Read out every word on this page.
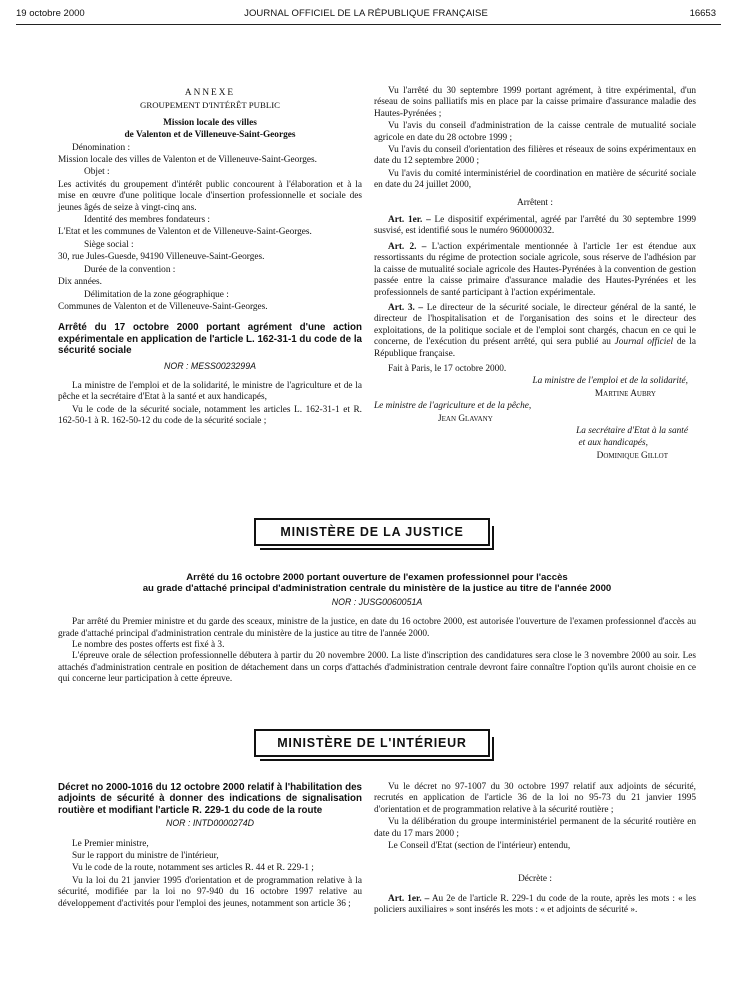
19 octobre 2000	JOURNAL OFFICIEL DE LA RÉPUBLIQUE FRANÇAISE	16653

ANNEXE

GROUPEMENT D'INTÉRÊT PUBLIC

Mission locale des villes

de Valenton et de Villeneuve-Saint-Georges

Dénomination :

Mission locale des villes de Valenton et de Villeneuve-Saint-Georges.

Objet :

Les activités du groupement d'intérêt public concourent à l'élaboration et à la mise en œuvre d'une politique locale d'insertion professionnelle et sociale des jeunes âgés de seize à vingt-cinq ans.

Identité des membres fondateurs :

L'Etat et les communes de Valenton et de Villeneuve-Saint-Georges.

Siège social :

30, rue Jules-Guesde, 94190 Villeneuve-Saint-Georges.

Durée de la convention :

Dix années.

Délimitation de la zone géographique :

Communes de Valenton et de Villeneuve-Saint-Georges.

Arrêté du 17 octobre 2000 portant agrément d'une action expérimentale en application de l'article L. 162-31-1 du code de la sécurité sociale

NOR : MESS0023299A

La ministre de l'emploi et de la solidarité, le ministre de l'agriculture et de la pêche et la secrétaire d'Etat à la santé et aux handicapés,

Vu le code de la sécurité sociale, notamment les articles L. 162-31-1 et R. 162-50-1 à R. 162-50-12 du code de la sécurité sociale ;

Vu l'arrêté du 30 septembre 1999 portant agrément, à titre expérimental, d'un réseau de soins palliatifs mis en place par la caisse primaire d'assurance maladie des Hautes-Pyrénées ;

Vu l'avis du conseil d'administration de la caisse centrale de mutualité sociale agricole en date du 28 octobre 1999 ;

Vu l'avis du conseil d'orientation des filières et réseaux de soins expérimentaux en date du 12 septembre 2000 ;

Vu l'avis du comité interministériel de coordination en matière de sécurité sociale en date du 24 juillet 2000,

Arrêtent :

Art. 1er. – Le dispositif expérimental, agréé par l'arrêté du 30 septembre 1999 susvisé, est identifié sous le numéro 960000032.

Art. 2. – L'action expérimentale mentionnée à l'article 1er est étendue aux ressortissants du régime de protection sociale agricole, sous réserve de l'adhésion par la caisse de mutualité sociale agricole des Hautes-Pyrénées à la convention de gestion passée entre la caisse primaire d'assurance maladie des Hautes-Pyrénées et les professionnels de santé participant à l'action expérimentale.

Art. 3. – Le directeur de la sécurité sociale, le directeur général de la santé, le directeur de l'hospitalisation et de l'organisation des soins et le directeur des exploitations, de la politique sociale et de l'emploi sont chargés, chacun en ce qui le concerne, de l'exécution du présent arrêté, qui sera publié au Journal officiel de la République française.

Fait à Paris, le 17 octobre 2000.

La ministre de l'emploi et de la solidarité,

Martine Aubry

Le ministre de l'agriculture et de la pêche,

Jean Glavany

La secrétaire d'Etat à la santé

et aux handicapés,

Dominique Gillot

MINISTÈRE DE LA JUSTICE

Arrêté du 16 octobre 2000 portant ouverture de l'examen professionnel pour l'accès

au grade d'attaché principal d'administration centrale du ministère de la justice au titre de l'année 2000

NOR : JUSG0060051A

Par arrêté du Premier ministre et du garde des sceaux, ministre de la justice, en date du 16 octobre 2000, est autorisée l'ouverture de l'examen professionnel d'accès au grade d'attaché principal d'administration centrale du ministère de la justice au titre de l'année 2000.

Le nombre des postes offerts est fixé à 3.

L'épreuve orale de sélection professionnelle débutera à partir du 20 novembre 2000. La liste d'inscription des candidatures sera close le 3 novembre 2000 au soir. Les attachés d'administration centrale en position de détachement dans un corps d'attachés d'administration centrale devront faire connaître l'option qu'ils auront choisie en ce qui concerne leur participation à cette épreuve.

MINISTÈRE DE L'INTÉRIEUR

Décret no 2000-1016 du 12 octobre 2000 relatif à l'habilitation des adjoints de sécurité à donner des indications de signalisation routière et modifiant l'article R. 229-1 du code de la route

NOR : INTD0000274D

Le Premier ministre,

Sur le rapport du ministre de l'intérieur,

Vu le code de la route, notamment ses articles R. 44 et R. 229-1 ;

Vu la loi du 21 janvier 1995 d'orientation et de programmation relative à la sécurité, modifiée par la loi no 97-940 du 16 octobre 1997 relative au développement d'activités pour l'emploi des jeunes, notamment son article 36 ;

Vu le décret no 97-1007 du 30 octobre 1997 relatif aux adjoints de sécurité, recrutés en application de l'article 36 de la loi no 95-73 du 21 janvier 1995 d'orientation et de programmation relative à la sécurité routière ;

Vu la délibération du groupe interministériel permanent de la sécurité routière en date du 17 mars 2000 ;

Le Conseil d'Etat (section de l'intérieur) entendu,

Décrète :

Art. 1er. – Au 2e de l'article R. 229-1 du code de la route, après les mots : « les policiers auxiliaires » sont insérés les mots : « et adjoints de sécurité ».
